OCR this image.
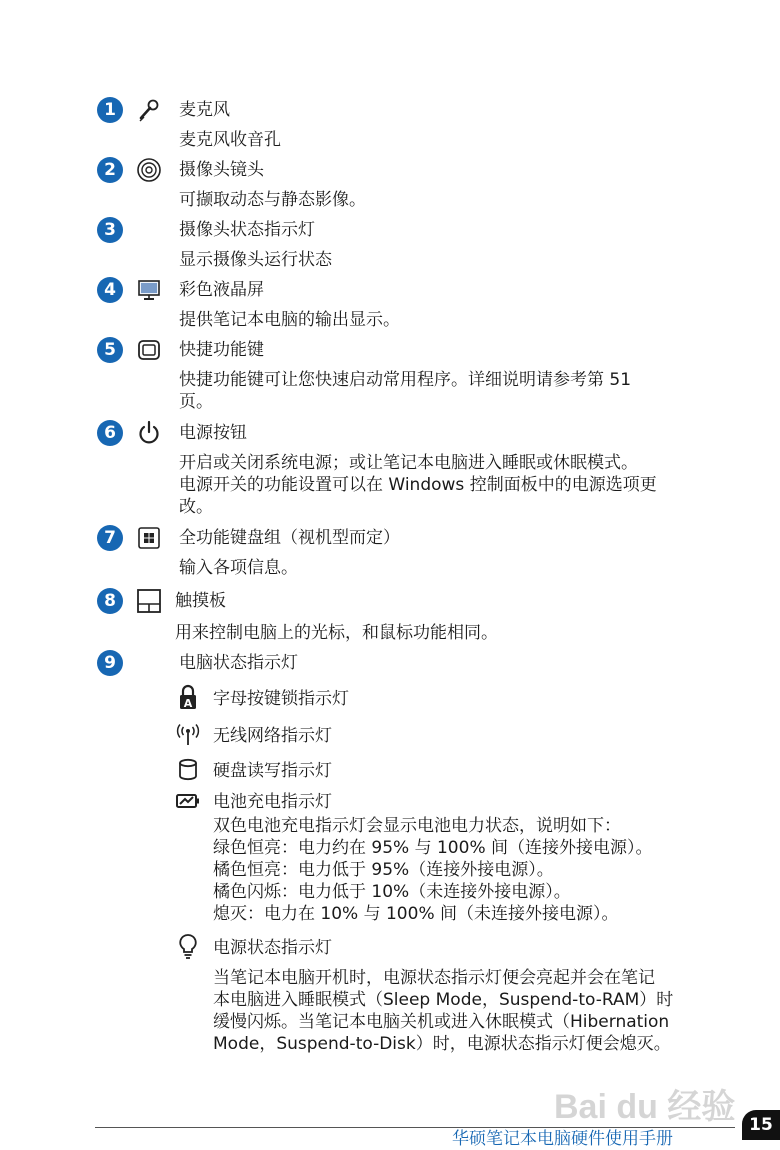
1	麦克风
麦克风收音孔
2	摄像头镜头
可撷取动态与静态影像。
3	摄像头状态指示灯
显示摄像头运行状态
4	彩色液晶屏
提供笔记本电脑的输出显示。
5	快捷功能键
快捷功能键可让您快速启动常用程序。详细说明请参考第 51
页。
6	电源按钮
开启或关闭系统电源；或让笔记本电脑进入睡眠或休眠模式。
电源开关的功能设置可以在 Windows 控制面板中的电源选项更
改。
7	全功能键盘组（视机型而定）
输入各项信息。
8	触摸板
用来控制电脑上的光标，和鼠标功能相同。
9	电脑状态指示灯
A 字母按键锁指示灯
无线网络指示灯
硬盘读写指示灯
电池充电指示灯
双色电池充电指示灯会显示电池电力状态，说明如下：
绿色恒亮：电力约在 95% 与 100% 间（连接外接电源）。
橘色恒亮：电力低于 95%（连接外接电源）。
橘色闪烁：电力低于 10%（未连接外接电源）。
熄灭：电力在 10% 与 100% 间（未连接外接电源）。
电源状态指示灯
当笔记本电脑开机时，电源状态指示灯便会亮起并会在笔记
本电脑进入睡眠模式（Sleep Mode，Suspend-to-RAM）时
缓慢闪烁。当笔记本电脑关机或进入休眠模式（Hibernation
Mode，Suspend-to-Disk）时，电源状态指示灯便会熄灭。
Bai du 经验
华硕笔记本电脑硬件使用手册
15
